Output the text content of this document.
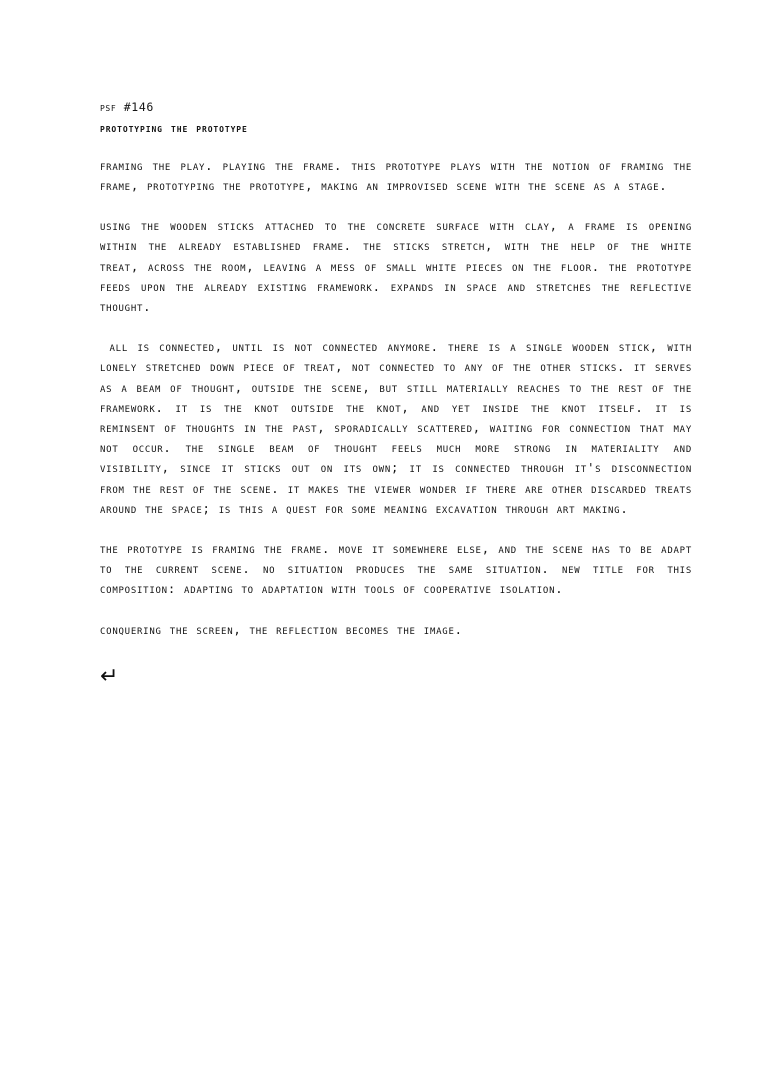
psf #146
prototyping the prototype

framing the play. playing the frame. this prototype plays with the notion of framing the frame, prototyping the prototype, making an improvised scene with the scene as a stage.

using the wooden sticks attached to the concrete surface with clay, a frame is opening within the already established frame. the sticks stretch, with the help of the white treat, across the room, leaving a mess of small white pieces on the floor. the prototype feeds upon the already existing framework. expands in space and stretches the reflective thought.

all is connected, until is not connected anymore. there is a single wooden stick, with lonely stretched down piece of treat, not connected to any of the other sticks. it serves as a beam of thought, outside the scene, but still materially reaches to the rest of the framework. it is the knot outside the knot, and yet inside the knot itself. it is reminsent of thoughts in the past, sporadically scattered, waiting for connection that may not occur. the single beam of thought feels much more strong in materiality and visibility, since it sticks out on its own; it is connected through it's disconnection from the rest of the scene. it makes the viewer wonder if there are other discarded treats around the space; is this a quest for some meaning excavation through art making.

the prototype is framing the frame. move it somewhere else, and the scene has to be adapt to the current scene. no situation produces the same situation. new title for this composition: adapting to adaptation with tools of cooperative isolation.

conquering the screen, the reflection becomes the image.

↵
